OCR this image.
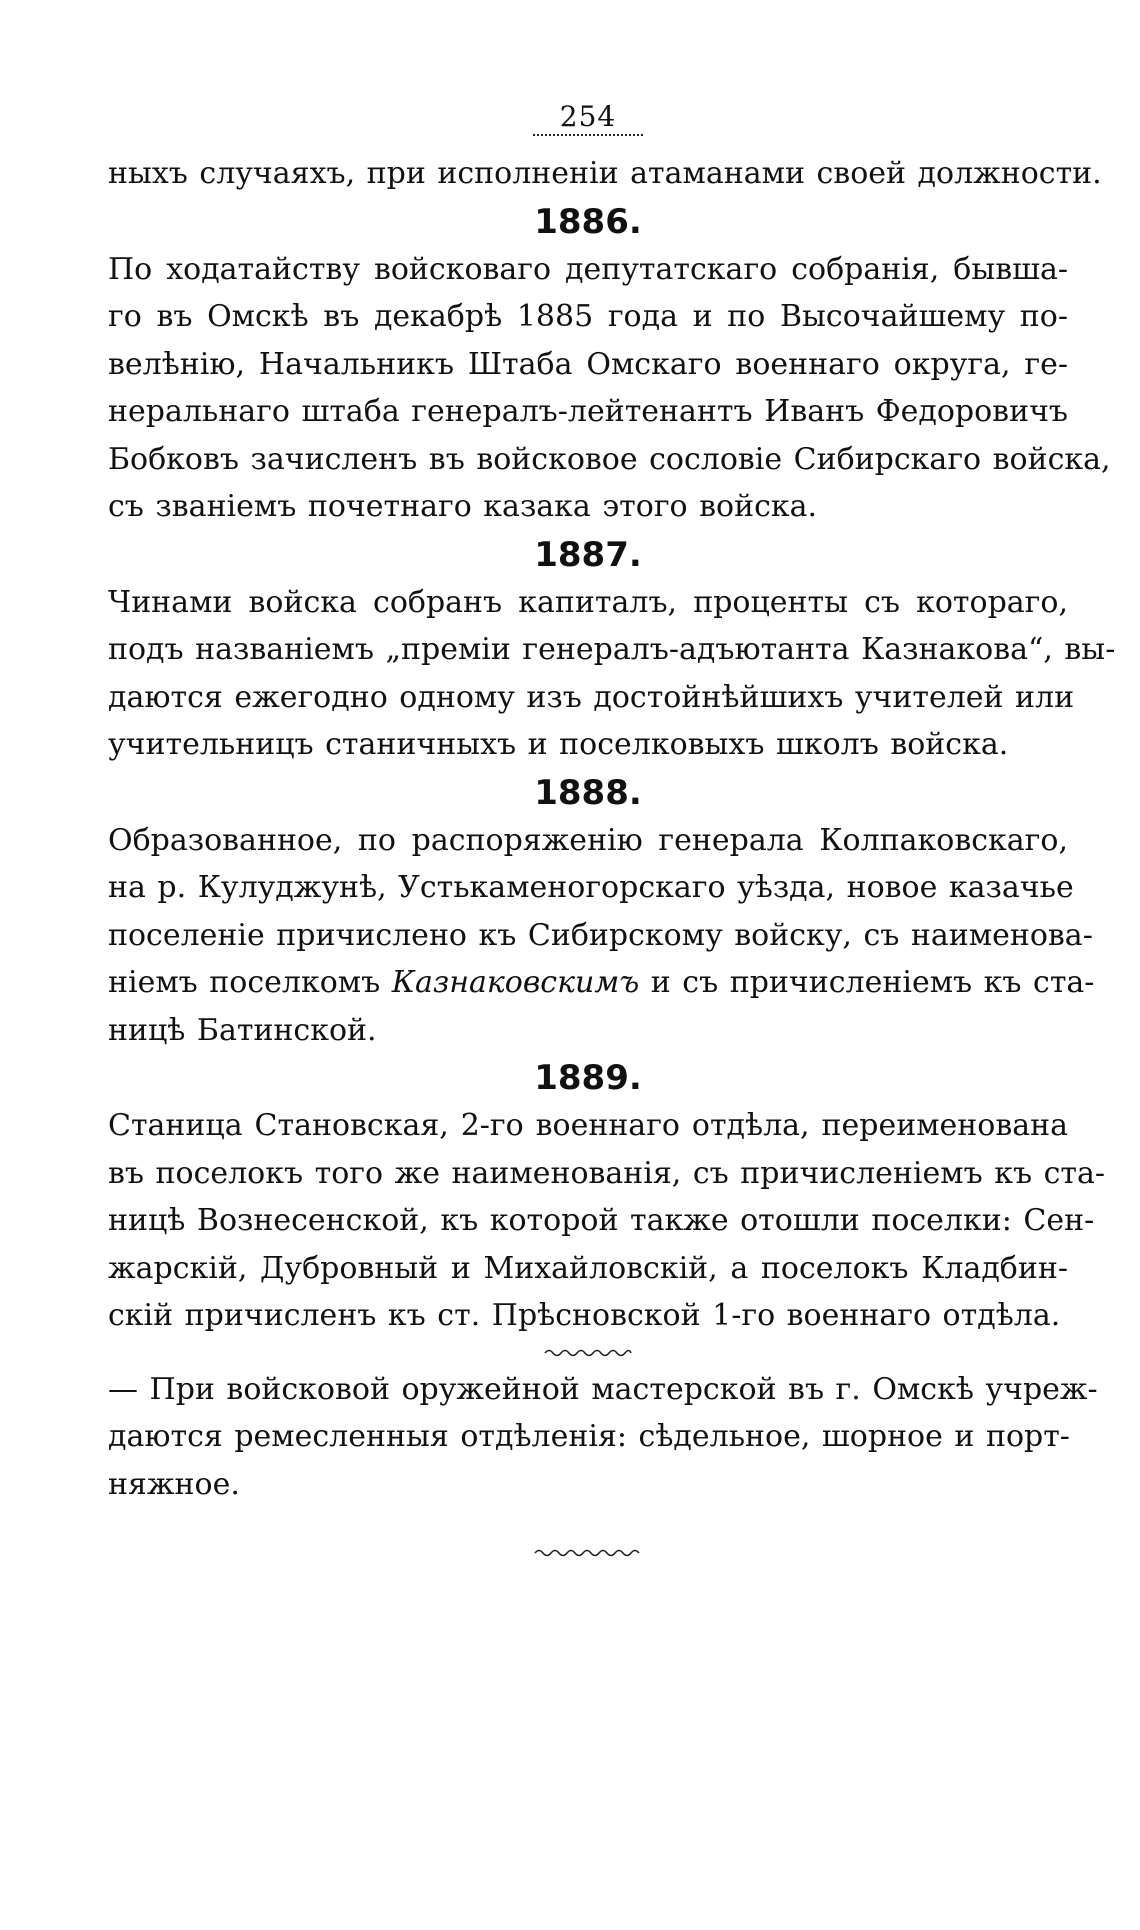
254
ныхъ случаяхъ, при исполненіи атаманами своей должности.
1886.
По ходатайству войсковаго депутатскаго собранія, бывша-
го въ Омскѣ въ декабрѣ 1885 года и по Высочайшему по-
велѣнію, Начальникъ Штаба Омскаго военнаго округа, ге-
неральнаго штаба генералъ-лейтенантъ Иванъ Федоровичъ
Бобковъ зачисленъ въ войсковое сословіе Сибирскаго войска,
съ званіемъ почетнаго казака этого войска.
1887.
Чинами войска собранъ капиталъ, проценты съ котораго,
подъ названіемъ „преміи генералъ-адъютанта Казнакова“, вы-
даются ежегодно одному изъ достойнѣйшихъ учителей или
учительницъ станичныхъ и поселковыхъ школъ войска.
1888.
Образованное, по распоряженію генерала Колпаковскаго,
на р. Кулуджунѣ, Устькаменогорскаго уѣзда, новое казачье
поселеніе причислено къ Сибирскому войску, съ наименова-
ніемъ поселкомъ Казнаковскимъ и съ причисленіемъ къ ста-
ницѣ Батинской.
1889.
Станица Становская, 2-го военнаго отдѣла, переименована
въ поселокъ того же наименованія, съ причисленіемъ къ ста-
ницѣ Вознесенской, къ которой также отошли поселки: Сен-
жарскій, Дубровный и Михайловскій, а поселокъ Кладбин-
скій причисленъ къ ст. Прѣсновской 1-го военнаго отдѣла.
— При войсковой оружейной мастерской въ г. Омскѣ учреж-
даются ремесленныя отдѣленія: сѣдельное, шорное и порт-
няжное.
